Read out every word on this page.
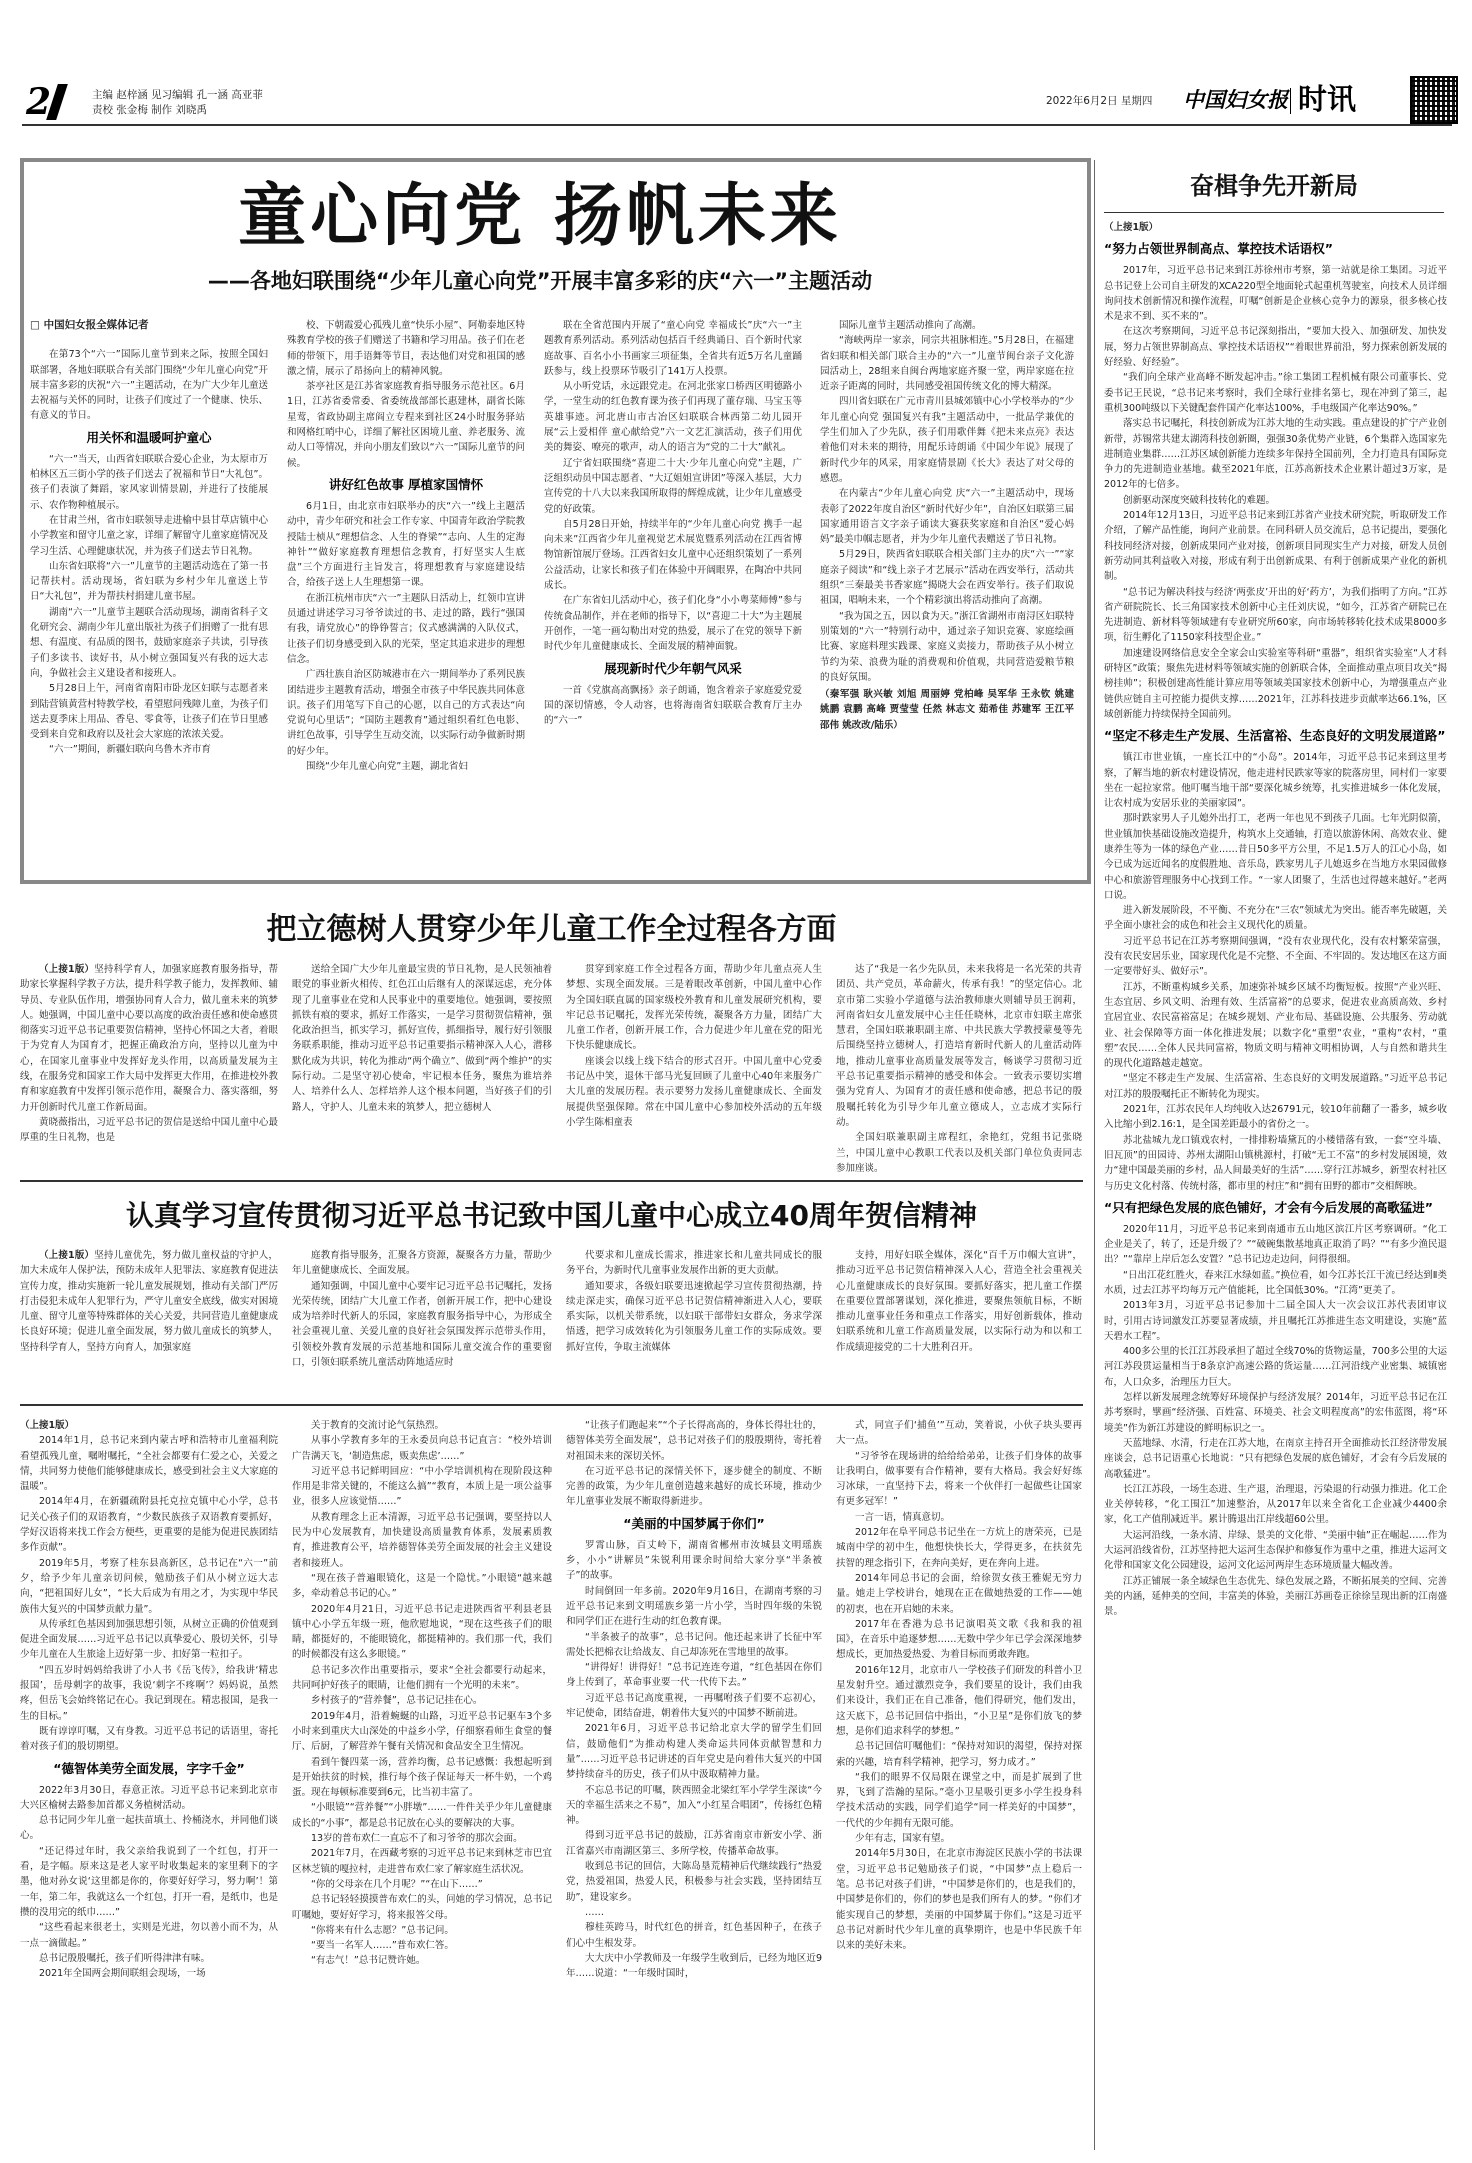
2	主编 赵梓涵 见习编辑 孔一涵 高亚菲
责校 张金梅 制作 刘晓禹
2022年6月2日 星期四 中国妇女报 时讯
童心向党 扬帆未来
——各地妇联围绕“少年儿童心向党”开展丰富多彩的庆“六一”主题活动
□ 中国妇女报全媒体记者

在第73个“六一”国际儿童节到来之际，按照全国妇联部署，各地妇联联合有关部门围绕“少年儿童心向党”开展丰富多彩的庆祝“六一”主题活动，在为广大少年儿童送去祝福与关怀的同时，让孩子们度过了一个健康、快乐、有意义的节日。

用关怀和温暖呵护童心

“六一”当天，山西省妇联联合爱心企业，为太原市万柏林区五三街小学的孩子们送去了祝福和节日“大礼包”。孩子们表演了舞蹈，家风家训情景剧，并进行了技能展示、农作物种植展示。

在甘肃兰州，省市妇联领导走进榆中县甘草店镇中心小学教室和留守儿童之家，详细了解留守儿童家庭情况及学习生活、心理健康状况，并为孩子们送去节日礼物。

山东省妇联将“六一”儿童节的主题活动选在了第一书记帮扶村。活动现场，省妇联为乡村少年儿童送上节日“大礼包”，并为帮扶村捐建儿童书屋。

湖南“六一”儿童节主题联合活动现场，湖南省科子文化研究会、湖南少年儿童出版社为孩子们捐赠了一批有思想、有温度、有品质的图书，鼓励家庭亲子共读，引导孩子们多读书、读好书，从小树立强国复兴有我的远大志向，争做社会主义建设者和接班人。

5月28日上午，河南省南阳市卧龙区妇联与志愿者来到陆营镇黄营村特教学校，看望慰问残障儿童，为孩子们送去夏季床上用品、香皂、零食等，让孩子们在节日里感受到来自党和政府以及社会大家庭的浓浓关爱。

“六一”期间，新疆妇联向乌鲁木齐市育

校、下朝霞爱心孤残儿童“快乐小屋”、阿勒泰地区特殊教育学校的孩子们赠送了书籍和学习用品。孩子们在老师的带领下，用手语舞等节目，表达他们对党和祖国的感激之情，展示了昂扬向上的精神风貌。

茶亭社区是江苏省家庭教育指导服务示范社区。6月1日，江苏省委常委、省委统战部部长惠建林，副省长陈星莺，省政协副主席阎立专程来到社区24小时服务驿站和网格红哨中心，详细了解社区困境儿童、养老服务、流动人口等情况，并向小朋友们致以“六一”国际儿童节的问候。

讲好红色故事 厚植家国情怀

6月1日，由北京市妇联举办的庆“六一”线上主题活动中，青少年研究和社会工作专家、中国青年政治学院教授陆士桢从“理想信念、人生的脊梁”“志向、人生的定海神针”“做好家庭教育理想信念教育，打好坚实人生底盘”三个方面进行主旨发言，将理想教育与家庭建设结合，给孩子送上人生理想第一课。

在浙江杭州市庆“六一”主题队日活动上，红领巾宣讲员通过讲述学习习爷爷读过的书、走过的路，践行“强国有我，请党放心”的铮铮誓言；仪式感满满的入队仪式，让孩子们切身感受到入队的光荣，坚定其追求进步的理想信念。

广西壮族自治区防城港市在六一期间举办了系列民族团结进步主题教育活动，增强全市孩子中华民族共同体意识。孩子们用笔写下自己的心愿，以自己的方式表达“向党说句心里话”；“国防主题教育”通过组织看红色电影、讲红色故事，引导学生互动交流，以实际行动争做新时期的好少年。

围绕“少年儿童心向党”主题，湖北省妇

联在全省范围内开展了“童心向党 幸福成长”庆“六一”主题教育系列活动。系列活动包括百千经典诵日、百个新时代家庭故事、百名小小书画家三项征集，全省共有近5万名儿童踊跃参与，线上投票环节吸引了141万人投票。

从小听党话，永远跟党走。在河北张家口桥西区明德路小学，一堂生动的红色教育课为孩子们再现了董存瑞、马宝玉等英雄事迹。河北唐山市古冶区妇联联合林西第二幼儿园开展“云上爱相伴 童心献给党”六一文艺汇演活动，孩子们用优美的舞姿、嘹亮的歌声，动人的语言为“党的二十大”献礼。

辽宁省妇联围绕“喜迎二十大·少年儿童心向党”主题，广泛组织动员中国志愿者、“大辽姐姐宣讲团”等深入基层，大力宣传党的十八大以来我国所取得的辉煌成就，让少年儿童感受党的好政策。

自5月28日开始，持续半年的“少年儿童心向党 携手一起向未来”江西省少年儿童视觉艺术展览暨系列活动在江西省博物馆新馆展厅登场。江西省妇女儿童中心还组织策划了一系列公益活动，让家长和孩子们在体验中开阔眼界，在陶冶中共同成长。

在广东省妇儿活动中心，孩子们化身“小小粤菜师傅”参与传统食品制作，并在老师的指导下，以“喜迎二十大”为主题展开创作，一笔一画勾勒出对党的热爱，展示了在党的领导下新时代少年儿童健康成长、全面发展的精神面貌。

展现新时代少年朝气风采

一首《党旗高高飘扬》亲子朗诵，饱含着亲子家庭爱党爱国的深切情感，令人动容，也将海南省妇联联合教育厅主办的“六一”

国际儿童节主题活动推向了高潮。

“海峡两岸一家亲，同宗共祖脉相连。”5月28日，在福建省妇联和相关部门联合主办的“六一”儿童节闽台亲子文化游园活动上，28组来自闽台两地家庭齐聚一堂，两岸家庭在拉近亲子距离的同时，共同感受祖国传统文化的博大精深。

四川省妇联在广元市青川县城郊镇中心小学校举办的“少年儿童心向党 强国复兴有我”主题活动中，一批品学兼优的学生们加入了少先队，孩子们用歌伴舞《把未来点亮》表达着他们对未来的期待，用配乐诗朗诵《中国少年说》展现了新时代少年的风采，用家庭情景剧《长大》表达了对父母的感恩。

在内蒙古“少年儿童心向党 庆“六一”主题活动中，现场表彰了2022年度自治区“新时代好少年”，自治区妇联第三届国家通用语言文字亲子诵读大赛获奖家庭和自治区“爱心妈妈”最美巾帼志愿者，并为少年儿童代表赠送了节日礼物。

5月29日，陕西省妇联联合相关部门主办的庆“六一”“家庭亲子阅读”和“线上亲子才艺展示”活动在西安举行，活动共组织“三秦最美书香家庭”揭晓大会在西安举行。孩子们取说祖国，唱响未来，一个个精彩演出将活动推向了高潮。

“我为国之五，因以食为天。”浙江省湖州市南浔区妇联特别策划的“六一”特别行动中，通过亲子知识竞赛、家庭绘画比赛、家庭料理实践课、家庭义卖接力，帮助孩子从小树立节约为荣、浪费为耻的消费观和价值观，共同营造爱粮节粮的良好氛围。

（秦军强 耿兴敏 刘旭 周丽婷 党柏峰 吴军华 王永钦 姚建 姚鹏 袁鹏 高峰 贾莹莹 任然 林志文 茹希佳 苏建军 王江平 邵伟 姚改改/陆乐）
奋楫争先开新局
（上接1版）
“努力占领世界制高点、掌控技术话语权”

2017年，习近平总书记来到江苏徐州市考察，第一站就是徐工集团。习近平总书记登上公司自主研发的XCA220型全地面轮式起重机驾驶室，向技术人员详细询问技术创新情况和操作流程，叮嘱“创新是企业核心竞争力的源泉，很多核心技术是求不到、买不来的”。

在这次考察期间，习近平总书记深刻指出，“要加大投入、加强研发、加快发展，努力占领世界制高点、掌控技术话语权”“着眼世界前沿，努力探索创新发展的好经验、好经验”。

“我们向全球产业高峰不断发起冲击。”徐工集团工程机械有限公司董事长、党委书记王民说，“总书记来考察时，我们全球行业排名第七，现在冲到了第三，起重机300吨级以下关键配套件国产化率达100%，手电级国产化率达90%。”

落实总书记嘱托，科技创新成为江苏大地的生动实践。重点建设的扩宁产业创新带，苏锡常共建太湖湾科技创新圈，强强30条优势产业链，6个集群入选国家先进制造业集群……江苏区域创新能力连续多年保持全国前列，全力打造具有国际竞争力的先进制造业基地。截至2021年底，江苏高新技术企业累计超过3万家，是2012年的七倍多。

创新驱动深度突破科技转化的难题。

2014年12月13日，习近平总书记来到江苏省产业技术研究院，听取研发工作介绍，了解产品性能，询问产业前景。在同科研人员交流后，总书记提出，要强化科技同经济对接，创新成果同产业对接，创新项目同现实生产力对接，研发人员创新劳动同其利益收入对接，形成有利于出创新成果、有利于创新成果产业化的新机制。

“总书记为解决科技与经济‘两张皮’开出的好‘药方’，为我们指明了方向。”江苏省产研院院长、长三角国家技术创新中心主任刘庆说，“如今，江苏省产研院已在先进制造、新材料等领域建有专业研究所60家，向市场转移转化技术成果8000多项，衍生孵化了1150家科技型企业。”

加速建设网络信息安全全家会山实验室等科研“重器”，组织省实验室“人才科研特区”政策；聚焦先进材料等领域实施的创新联合体，全面推动重点项目攻关“揭榜挂帅”；积极创建高性能计算应用等领域美国家技术创新中心，为增强重点产业链供应链自主可控能力提供支撑……2021年，江苏科技进步贡献率达66.1%，区域创新能力持续保持全国前列。

“坚定不移走生产发展、生活富裕、生态良好的文明发展道路”

镇江市世业镇，一座长江中的“小岛”。2014年，习近平总书记来到这里考察，了解当地的新农村建设情况，他走进村民跌家等家的院落房里，同村们一家要坐在一起拉家常。他叮嘱当地干部“要深化城乡统筹，扎实推进城乡一体化发展，让农村成为安居乐业的美丽家园”。

那时跌家男人子儿媳外出打工，老两一年也见不到孩子几面。七年光阴似箭，世业镇加快基础设施改造提升，构筑水上交通轴，打造以旅游休闲、高效农业、健康养生等为一体的绿色产业……昔日50多平方公里，不足1.5万人的江心小岛，如今已成为远近闻名的度假胜地、音乐岛，跌家男儿子儿媳返乡在当地方水果园做修中心和旅游管理服务中心找到工作。“一家人团聚了，生活也过得越来越好。”老两口说。

进入新发展阶段，不平衡、不充分在“三农”领域尤为突出。能否率先破题，关乎全面小康社会的成色和社会主义现代化的质量。

习近平总书记在江苏考察期间强调，“没有农业现代化，没有农村繁荣富强，没有农民安居乐业，国家现代化是不完整、不全面、不牢固的。发达地区在这方面一定要带好头、做好示”。

江苏，不断重构城乡关系，加速弥补城乡区域不均衡短板。按照“产业兴旺、生态宜居、乡风文明、治理有效、生活富裕”的总要求，促进农业高质高效、乡村宜居宜业、农民富裕富足；在城乡规划、产业布局、基础设施、公共服务、劳动就业、社会保障等方面一体化推进发展；以数字化“重塑”农业，“重构”农村，“重塑”农民……全体人民共同富裕，物质文明与精神文明相协调，人与自然和谐共生的现代化道路越走越宽。

“坚定不移走生产发展、生活富裕、生态良好的文明发展道路。”习近平总书记对江苏的殷殷嘱托正不断转化为现实。

2021年，江苏农民年人均纯收入达26791元，较10年前翻了一番多，城乡收入比缩小到2.16:1，是全国差距最小的省份之一。

苏北盐城九龙口镇戏农村，一排排粉墙黛瓦的小楼错落有致，一套“空斗墙、旧瓦顶”的田园诗、苏州太湖阳山镇桃源村，打破“无工不富”的乡村发展困境，效力“建中国最美丽的乡村，品人间最美好的生活”……穿行江苏城乡，新型农村社区与历史文化村落、传统村落，都市里的村庄”和“拥有田野的都市”交相辉映。

“只有把绿色发展的底色铺好，才会有今后发展的高歌猛进”

2020年11月，习近平总书记来到南通市五山地区滨江片区考察调研。“化工企业是关了，转了，还是升级了？”“破碗集散基地真正取消了吗？”“有多少渔民退出？”“靠岸上岸后怎么安置？”总书记边走边问，问得很细。

“日出江花红胜火，春来江水绿如蓝。”换位看，如今江苏长江干流已经达到Ⅱ类水质，过去江苏平均每万元产值能耗，比全国低30%。“江湾”更美了。

2013年3月，习近平总书记参加十二届全国人大一次会议江苏代表团审议时，引用古诗词激发江苏要显著成绩，并且嘱托江苏推进生态文明建设，实施“蓝天碧水工程”。

400多公里的长江江苏段承担了超过全线70%的货物运量，700多公里的大运河江苏段贯运量相当于8条京沪高速公路的货运量……江河沿线产业密集、城镇密布，人口众多，治理压力巨大。

怎样以新发展理念统筹好环境保护与经济发展？2014年，习近平总书记在江苏考察时，擘画“经济强、百姓富、环境美、社会文明程度高”的宏伟蓝图，将“环境美”作为新江苏建设的鲜明标识之一。

天蓝地绿、水清，行走在江苏大地，在南京主持召开全面推动长江经济带发展座谈会，总书记语重心长地说：“只有把绿色发展的底色铺好，才会有今后发展的高歌猛进”。

长江江苏段，一场生态进、生产退，治理退，污染退的行动强力推进。化工企业关停转移，“化工围江”加速整治，从2017年以来全省化工企业减少4400余家，化工产值削减近半。累计腾退出江岸线超60公里。

大运河沿线，一条水清、岸绿、景美的文化带、“美丽中轴”正在崛起……作为大运河沿线省份，江苏坚持把大运河生态保护和修复作为重中之重，推进大运河文化带和国家文化公园建设，运河文化运河两岸生态环境质量大幅改善。

江苏正铺展一条全域绿色生态优先、绿色发展之路，不断拓展美的空间、完善美的内涵，延伸美的空间，丰富美的体验，美丽江苏画卷正徐徐呈现出新的江南盛景。

把立德树人贯穿少年儿童工作全过程各方面

（上接1版）坚持科学育人，加强家庭教育服务指导，帮助家长掌握科学教子方法，提升科学教子能力，发挥教师、辅导员、专业队伍作用，增强协同育人合力，做儿童未来的筑梦人。她强调，中国儿童中心要以高度的政治责任感和使命感贯彻落实习近平总书记重要贺信精神，坚持心怀国之大者，着眼于为党育人为国育才，把握正确政治方向，坚持以儿童为中心，在国家儿童事业中发挥好龙头作用，以高质量发展为主线，在服务党和国家工作大局中发挥更大作用，在推进校外教育和家庭教育中发挥引领示范作用，凝聚合力、落实落细，努力开创新时代儿童工作新局面。

黄晓薇指出，习近平总书记的贺信是送给中国儿童中心最厚重的生日礼物，也是

送给全国广大少年儿童最宝贵的节日礼物，是人民领袖着眼党的事业新火相传、红色江山后继有人的深谋远虑，充分体现了儿童事业在党和人民事业中的重要地位。她强调，要按照抓铁有痕的要求，抓好工作落实，一是学习贯彻贺信精神，强化政治担当，抓实学习，抓好宣传，抓细指导，履行好引领服务联系职能，推动习近平总书记重要指示精神深入人心，潜移默化成为共识，转化为推动“两个确立”、做到“两个维护”的实际行动。二是坚守初心使命，牢记根本任务，聚焦为谁培养人、培养什么人、怎样培养人这个根本问题，当好孩子们的引路人，守护人、儿童未来的筑梦人，把立德树人

贯穿到家庭工作全过程各方面，帮助少年儿童点亮人生梦想、实现全面发展。三是着眼改革创新，中国儿童中心作为全国妇联直属的国家级校外教育和儿童发展研究机构，要牢记总书记嘱托，发挥光荣传统，凝聚各方力量，团结广大儿童工作者，创新开展工作，合力促进少年儿童在党的阳光下快乐健康成长。

座谈会以线上线下结合的形式召开。中国儿童中心党委书记丛中笑，退休干部马光复回顾了儿童中心40年来服务广大儿童的发展历程。表示要努力发扬儿童健康成长、全面发展提供坚强保障。常在中国儿童中心参加校外活动的五年级小学生陈相童表

达了“我是一名少先队员，未来我将是一名光荣的共青团员、共产党员，革命薪火，传承有我！”的坚定信心。北京市第二实验小学道德与法治教师康火则辅导员王润莉，河南省妇女儿童发展中心主任任晓林，北京市妇联主席张慧君，全国妇联兼职副主席、中共民族大学教授蒙曼等先后围绕坚持立德树人，打造培育新时代新人的儿童活动阵地，推动儿童事业高质量发展等发言，畅谈学习贯彻习近平总书记重要指示精神的感受和体会。一致表示要切实增强为党育人、为国育才的责任感和使命感，把总书记的殷殷嘱托转化为引导少年儿童立德成人，立志成才实际行动。

全国妇联兼职副主席程红，余艳红，党组书记张晓兰，中国儿童中心教职工代表以及机关部门单位负责同志参加座谈。

认真学习宣传贯彻习近平总书记致中国儿童中心成立40周年贺信精神

（上接1版）坚持儿童优先，努力做儿童权益的守护人，加大未成年人保护法，预防未成年人犯罪法、家庭教育促进法宣传力度，推动实施新一轮儿童发展规划，推动有关部门严厉打击侵犯未成年人犯罪行为，严守儿童安全底线，做实对困境儿童、留守儿童等特殊群体的关心关爱，共同营造儿童健康成长良好环境；促进儿童全面发展，努力做儿童成长的筑梦人，坚持科学育人，坚持方向育人，加强家庭

庭教育指导服务，汇聚各方资源，凝聚各方力量，帮助少年儿童健康成长、全面发展。

通知强调，中国儿童中心要牢记习近平总书记嘱托，发扬光荣传统，团结广大儿童工作者，创新开展工作，把中心建设成为培养时代新人的乐园，家庭教育服务指导中心，为形成全社会重视儿童、关爱儿童的良好社会氛围发挥示范带头作用，引领校外教育发展的示范基地和国际儿童交流合作的重要窗口，引领妇联系统儿童活动阵地适应时

代要求和儿童成长需求，推进家长和儿童共同成长的服务平台，为新时代儿童事业发展作出新的更大贡献。

通知要求，各级妇联要迅速掀起学习宣传贯彻热潮，持续走深走实，确保习近平总书记贺信精神渐进入人心，要联系实际，以机关带系统，以妇联干部带妇女群众，务求学深悟透，把学习成效转化为引领服务儿童工作的实际成效。要抓好宣传，争取主流媒体

支持，用好妇联全媒体，深化“百千万巾帼大宣讲”，推动习近平总书记贺信精神深入人心，营造全社会重视关心儿童健康成长的良好氛围。要抓好落实，把儿童工作摆在重要位置部署谋划，深化推进，要聚焦领航目标，不断推动儿童事业任务和重点工作落实，用好创新载体，推动妇联系统和儿童工作高质量发展，以实际行动为和以和工作成绩迎接党的二十大胜利召开。

（上接1版）

2014年1月，总书记来到内蒙古呼和浩特市儿童福利院看望孤残儿童，嘱咐嘱托，“全社会都要有仁爱之心，关爱之情，共同努力使他们能够健康成长，感受到社会主义大家庭的温暖”。

2014年4月，在新疆疏附县托克拉克镇中心小学，总书记关心孩子们的双语教育，“少数民族孩子双语教育要抓好，学好汉语将来找工作会方便些，更重要的是能为促进民族团结多作贡献”。

2019年5月，考察了桂东县高新区，总书记在“六一”前夕，给予少年儿童亲切问候，勉励孩子们从小树立远大志向，“把祖国好儿女”，“长大后成为有用之才，为实现中华民族伟大复兴的中国梦贡献力量”。

从传承红色基因到加强思想引领，从树立正确的价值观到促进全面发展……习近平总书记以真挚爱心、殷切关怀，引导少年儿童在人生旅途上迈好第一步、扣好第一粒扣子。

“四五岁时妈妈给我讲了小人书《岳飞传》，给我讲‘精忠报国’，岳母刺字的故事，我说‘刺字不疼啊’？妈妈说，虽然疼，但岳飞会始终铭记在心。我记到现在。精忠报国，是我一生的目标。”

既有谆谆叮嘱，又有身教。习近平总书记的话语里，寄托着对孩子们的殷切期望。

“德智体美劳全面发展，字字千金”

2022年3月30日，春意正浓。习近平总书记来到北京市大兴区榆树去路参加首都义务植树活动。

总书记同少年儿童一起扶苗填土、拎桶浇水，并同他们谈心。

“还记得过年时，我父亲给我说到了一个红包，打开一看，是字幅。原来这是老人家平时收集起来的家里剩下的字墨，他对孙女说‘这里都是你的，你要好好学习，努力啊’！第一年，第二年，我就这么一个红包，打开一看，是纸巾，也是攒的没用完的纸巾……”

“这些看起来很老土，实则是光进，勿以善小而不为，从一点一滴做起。”

总书记殷殷嘱托，孩子们听得津津有味。

2021年全国两会期间联组会现场，一场

关于教育的交流讨论气氛热烈。

从事小学教育多年的王永委员向总书记直言：“校外培训广告满天飞，‘制造焦虑，贩卖焦虑’……”

习近平总书记鲜明回应：“中小学培训机构在现阶段这种作用是非常关键的，不能这么搞”“教育，本质上是一项公益事业，很多人应该觉悟……”

从教育理念上正本清源，习近平总书记强调，要坚持以人民为中心发展教育，加快建设高质量教育体系，发展素质教育，推进教育公平，培养德智体美劳全面发展的社会主义建设者和接班人。

“现在孩子普遍眼镜化，这是一个隐忧。”小眼镜“越来越多，牵动着总书记的心。”

2020年4月21日，习近平总书记走进陕西省平利县老县镇中心小学五年级一班，他欣慰地说，“现在这些孩子们的眼睛，都挺好的，不能眼镜化，都挺精神的。我们那一代，我们的时候都没有这么多眼镜。”

总书记多次作出重要指示，要求“全社会都要行动起来，共同呵护好孩子的眼睛，让他们拥有一个光明的未来”。

乡村孩子的“营养餐”，总书记记挂在心。

2019年4月，沿着蜿蜒的山路，习近平总书记驱车3个多小时来到重庆大山深处的中益乡小学，仔细察看师生食堂的餐厅、后厨，了解营养午餐有关情况和食品安全卫生情况。

看到午餐四菜一汤，营养均衡，总书记感慨：我想起听到是开始扶贫的时候，推行每个孩子保证每天一杯牛奶，一个鸡蛋。现在每顿标准要到6元，比当初丰富了。

“小眼镜”“营养餐”“小胖墩”……一件件关乎少年儿童健康成长的“小事”，都是总书记放在心头的要解决的大事。

13岁的普布欢仁一直忘不了和习爷爷的那次会面。

2021年7月，在西藏考察的习近平总书记来到林芝市巴宜区林芝镇的嘎拉村，走进普布欢仁家了解家庭生活状况。

“你的父母亲在几个月呢？”“在山下……”

总书记轻轻摸摸普布欢仁的头，问她的学习情况，总书记叮嘱她，要好好学习，将来报答父母。

“你将来有什么志愿？”总书记问。

“要当一名军人……”普布欢仁答。

“有志气！”总书记赞许她。

“让孩子们跑起来”“个子长得高高的，身体长得壮壮的，德智体美劳全面发展”，总书记对孩子们的殷殷期待，寄托着对祖国未来的深切关怀。

在习近平总书记的深情关怀下，逐步健全的制度、不断完善的政策，为少年儿童创造越来越好的成长环境，推动少年儿童事业发展不断取得新进步。

“美丽的中国梦属于你们”

罗霄山脉，百丈岭下，湖南省郴州市汝城县文明瑶族乡，小小“讲解员”朱锐利用课余时间给大家分享“半条被子”的故事。

时间倒回一年多前。2020年9月16日，在湖南考察的习近平总书记来到文明瑶族乡第一片小学，当时四年级的朱锐和同学们正在进行生动的红色教育课。

“半条被子的故事”，总书记问。他还起来讲了长征中军需处长把棉衣让给战友、自己却冻死在雪地里的故事。

“讲得好！讲得好！”总书记连连夸道，“红色基因在你们身上传到了，革命事业要一代一代传下去。”

习近平总书记高度重视，一再嘱咐孩子们要不忘初心，牢记使命，团结奋进，朝着伟大复兴的中国梦不断前进。

2021年6月，习近平总书记给北京大学的留学生们回信，鼓励他们“为推动构建人类命运共同体贡献智慧和力量”……习近平总书记讲述的百年党史是向着伟大复兴的中国梦持续奋斗的历史，孩子们从中汲取精神力量。

不忘总书记的叮嘱，陕西照金北梁红军小学学生深读“今天的幸福生活来之不易”，加入“小红星合唱团”，传扬红色精神。

得到习近平总书记的鼓励，江苏省南京市新安小学、浙江省嘉兴市南湖区第三、多所学校，传播革命故事。

收到总书记的回信，大陈岛垦荒精神后代继续践行“热爱党，热爱祖国，热爱人民，积极参与社会实践，坚持团结互助”，建设家乡。

……

穆桂英跨马，时代红色的拼音，红色基因种子，在孩子们心中生根发芽。

大大庆中小学教师及一年级学生收到后，已经为地区近9年……说道：“一年级时国时，

式，同宣子们‘捕鱼’”互动，笑着说，小伙子块头要再大一点。

“习爷爷在现场讲的给给给弟弟，让孩子们身体的故事让我明白，做事要有合作精神，要有大格局。我会好好练习冰球，一直坚持下去，将来一个伙伴打一起做些让国家有更多冠军！”

一言一语，情真意切。

2012年在阜平同总书记坐在一方炕上的唐荣亮，已是城南中学的初中生，他想快快长大，学得更多，在扶贫先扶智的理念指引下，在奔向美好，更在奔向上进。

2014年同总书记的会面，给徐贺女孩王雅妮无穷力量。她走上学校讲台，她现在正在做她热爱的工作——她的初衷，也在开启她的未来。

2017年在香港为总书记演唱英文歌《我和我的祖国》，在音乐中追逐梦想……无数中学少年已学会深深地梦想成长，更加热爱热爱、为着目标而勇敢奔跑。

2016年12月，北京市八一学校孩子们研发的科普小卫星发射升空。通过激烈竞争，我们要星的设计，我们由我们来设计，我们正在自己准备，他们得研究，他们发出，这天底下，总书记回信中指出，“小卫星”是你们放飞的梦想，是你们追求科学的梦想。”

总书记回信叮嘱他们：“保持对知识的渴望，保持对探索的兴趣，培育科学精神，把学习，努力成才。”

“我们的眼界不仅局限在课堂之中，而是扩展到了世界，飞到了浩瀚的星际。”毫小卫星吸引更多小学生投身科学技术活动的实践，同学们追学“同一样美好的中国梦”，一代代的少年拥有无限可能。

少年有志，国家有望。

2014年5月30日，在北京市海淀区民族小学的书法课堂，习近平总书记勉励孩子们说，“中国梦”点上稳后一笔。总书记对孩子们讲，“中国梦是你们的，也是我们的，中国梦是你们的，你们的梦也是我们所有人的梦。“你们才能实现自己的梦想，美丽的中国梦属于你们。”这是习近平总书记对新时代少年儿童的真挚期许，也是中华民族千年以来的美好未来。
